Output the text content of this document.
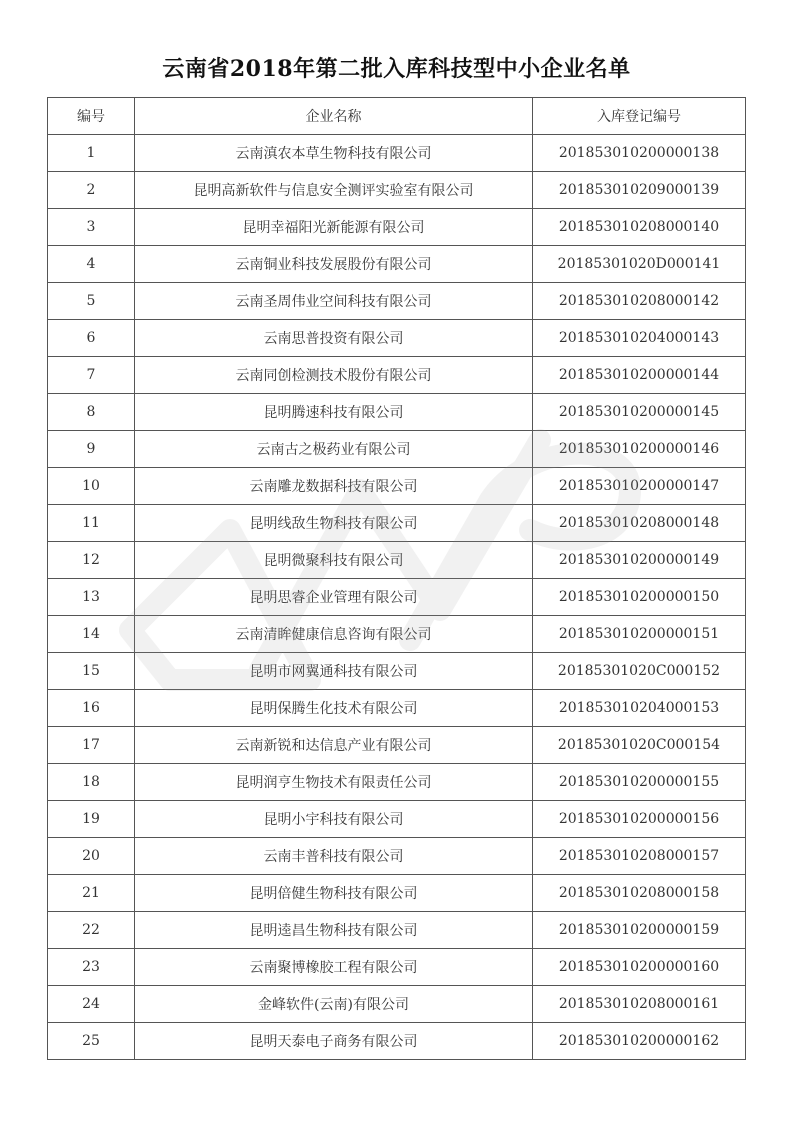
云南省2018年第二批入库科技型中小企业名单
编号	企业名称	入库登记编号
1	云南滇农本草生物科技有限公司	201853010200000138
2	昆明高新软件与信息安全测评实验室有限公司	201853010209000139
3	昆明幸福阳光新能源有限公司	201853010208000140
4	云南铜业科技发展股份有限公司	20185301020D000141
5	云南圣周伟业空间科技有限公司	201853010208000142
6	云南思普投资有限公司	201853010204000143
7	云南同创检测技术股份有限公司	201853010200000144
8	昆明腾速科技有限公司	201853010200000145
9	云南古之极药业有限公司	201853010200000146
10	云南雕龙数据科技有限公司	201853010200000147
11	昆明线敌生物科技有限公司	201853010208000148
12	昆明微聚科技有限公司	201853010200000149
13	昆明思睿企业管理有限公司	201853010200000150
14	云南清眸健康信息咨询有限公司	201853010200000151
15	昆明市网翼通科技有限公司	20185301020C000152
16	昆明保腾生化技术有限公司	201853010204000153
17	云南新锐和达信息产业有限公司	20185301020C000154
18	昆明润亨生物技术有限责任公司	201853010200000155
19	昆明小宇科技有限公司	201853010200000156
20	云南丰普科技有限公司	201853010208000157
21	昆明倍健生物科技有限公司	201853010208000158
22	昆明逵昌生物科技有限公司	201853010200000159
23	云南聚博橡胶工程有限公司	201853010200000160
24	金峰软件(云南)有限公司	201853010208000161
25	昆明天泰电子商务有限公司	201853010200000162
